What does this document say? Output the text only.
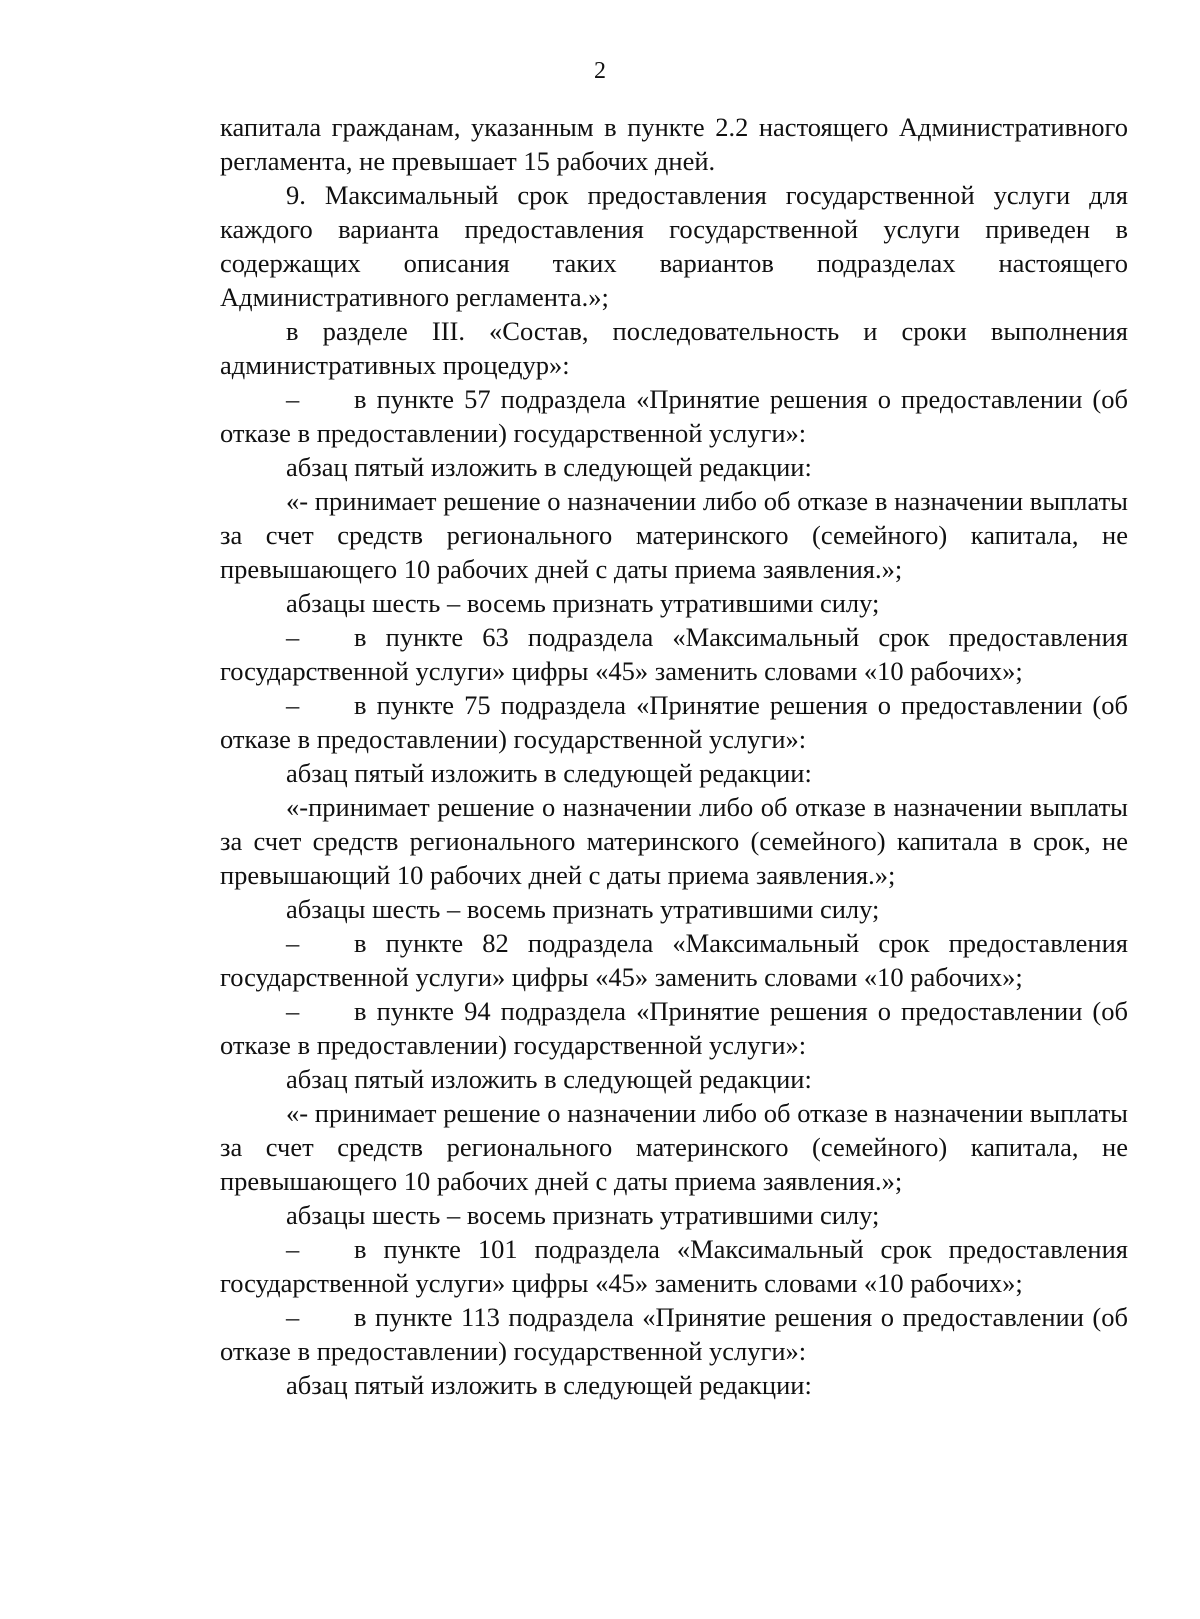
2

капитала гражданам, указанным в пункте 2.2 настоящего Административного регламента, не превышает 15 рабочих дней.

9. Максимальный срок предоставления государственной услуги для каждого варианта предоставления государственной услуги приведен в содержащих описания таких вариантов подразделах настоящего Административного регламента.»;

в разделе III. «Состав, последовательность и сроки выполнения административных процедур»:

– в пункте 57 подраздела «Принятие решения о предоставлении (об отказе в предоставлении) государственной услуги»:

абзац пятый изложить в следующей редакции:

«- принимает решение о назначении либо об отказе в назначении выплаты за счет средств регионального материнского (семейного) капитала, не превышающего 10 рабочих дней с даты приема заявления.»;

абзацы шесть – восемь признать утратившими силу;

– в пункте 63 подраздела «Максимальный срок предоставления государственной услуги» цифры «45» заменить словами «10 рабочих»;

– в пункте 75 подраздела «Принятие решения о предоставлении (об отказе в предоставлении) государственной услуги»:

абзац пятый изложить в следующей редакции:

«-принимает решение о назначении либо об отказе в назначении выплаты за счет средств регионального материнского (семейного) капитала в срок, не превышающий 10 рабочих дней с даты приема заявления.»;

абзацы шесть – восемь признать утратившими силу;

– в пункте 82 подраздела «Максимальный срок предоставления государственной услуги» цифры «45» заменить словами «10 рабочих»;

– в пункте 94 подраздела «Принятие решения о предоставлении (об отказе в предоставлении) государственной услуги»:

абзац пятый изложить в следующей редакции:

«- принимает решение о назначении либо об отказе в назначении выплаты за счет средств регионального материнского (семейного) капитала, не превышающего 10 рабочих дней с даты приема заявления.»;

абзацы шесть – восемь признать утратившими силу;

– в пункте 101 подраздела «Максимальный срок предоставления государственной услуги» цифры «45» заменить словами «10 рабочих»;

– в пункте 113 подраздела «Принятие решения о предоставлении (об отказе в предоставлении) государственной услуги»:

абзац пятый изложить в следующей редакции:
